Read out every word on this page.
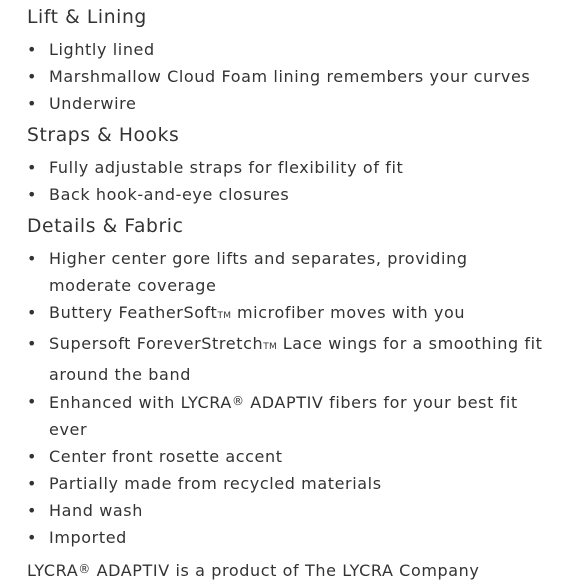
Lift & Lining
• Lightly lined
• Marshmallow Cloud Foam lining remembers your curves
• Underwire
Straps & Hooks
• Fully adjustable straps for flexibility of fit
• Back hook-and-eye closures
Details & Fabric
• Higher center gore lifts and separates, providing moderate coverage
• Buttery FeatherSoftTM microfiber moves with you
• Supersoft ForeverStretchTM Lace wings for a smoothing fit around the band
• Enhanced with LYCRA® ADAPTIV fibers for your best fit ever
• Center front rosette accent
• Partially made from recycled materials
• Hand wash
• Imported

LYCRA® ADAPTIV is a product of The LYCRA Company
